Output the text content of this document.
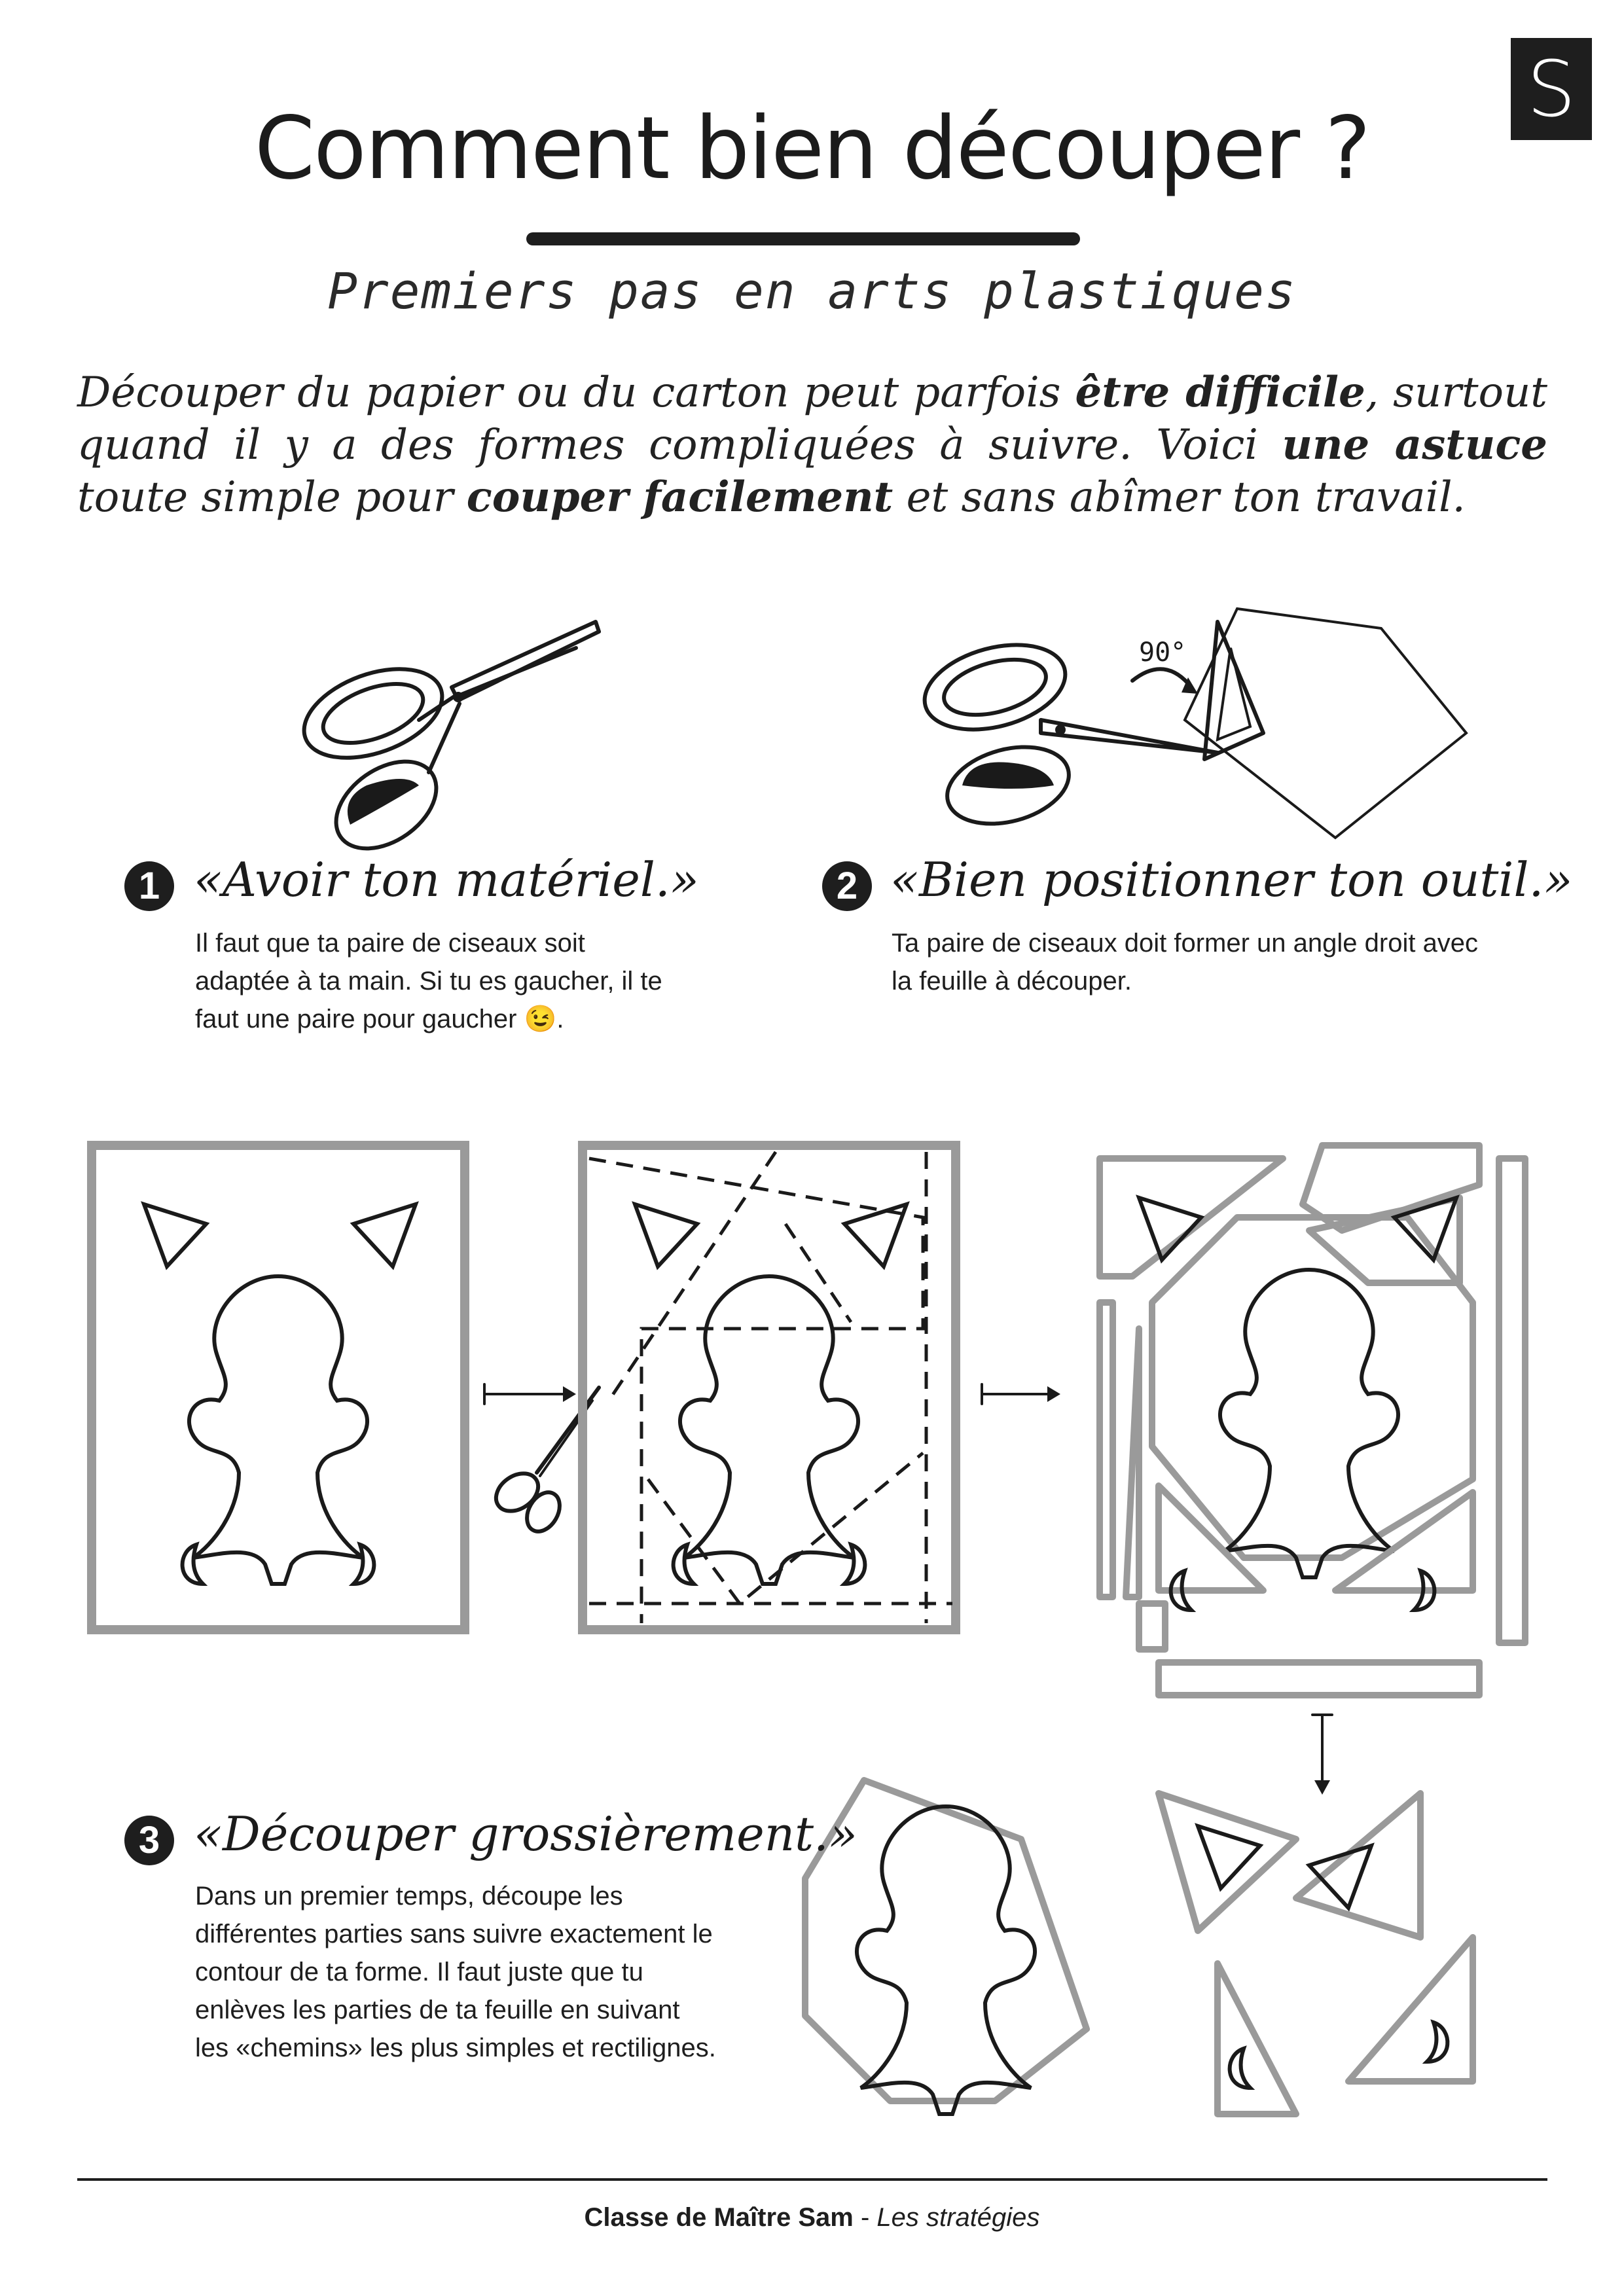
S
Comment bien découper ?
Premiers pas en arts plastiques
Découper du papier ou du carton peut parfois être difficile, surtout quand il y a des formes compliquées à suivre. Voici une astuce toute simple pour couper facilement et sans abîmer ton travail.
90°
1 «Avoir ton matériel.»
Il faut que ta paire de ciseaux soit adaptée à ta main. Si tu es gaucher, il te faut une paire pour gaucher 😉.
2 «Bien positionner ton outil.»
Ta paire de ciseaux doit former un angle droit avec la feuille à découper.
3 «Découper grossièrement.»
Dans un premier temps, découpe les différentes parties sans suivre exactement le contour de ta forme. Il faut juste que tu enlèves les parties de ta feuille en suivant les «chemins» les plus simples et rectilignes.
Classe de Maître Sam - Les stratégies
